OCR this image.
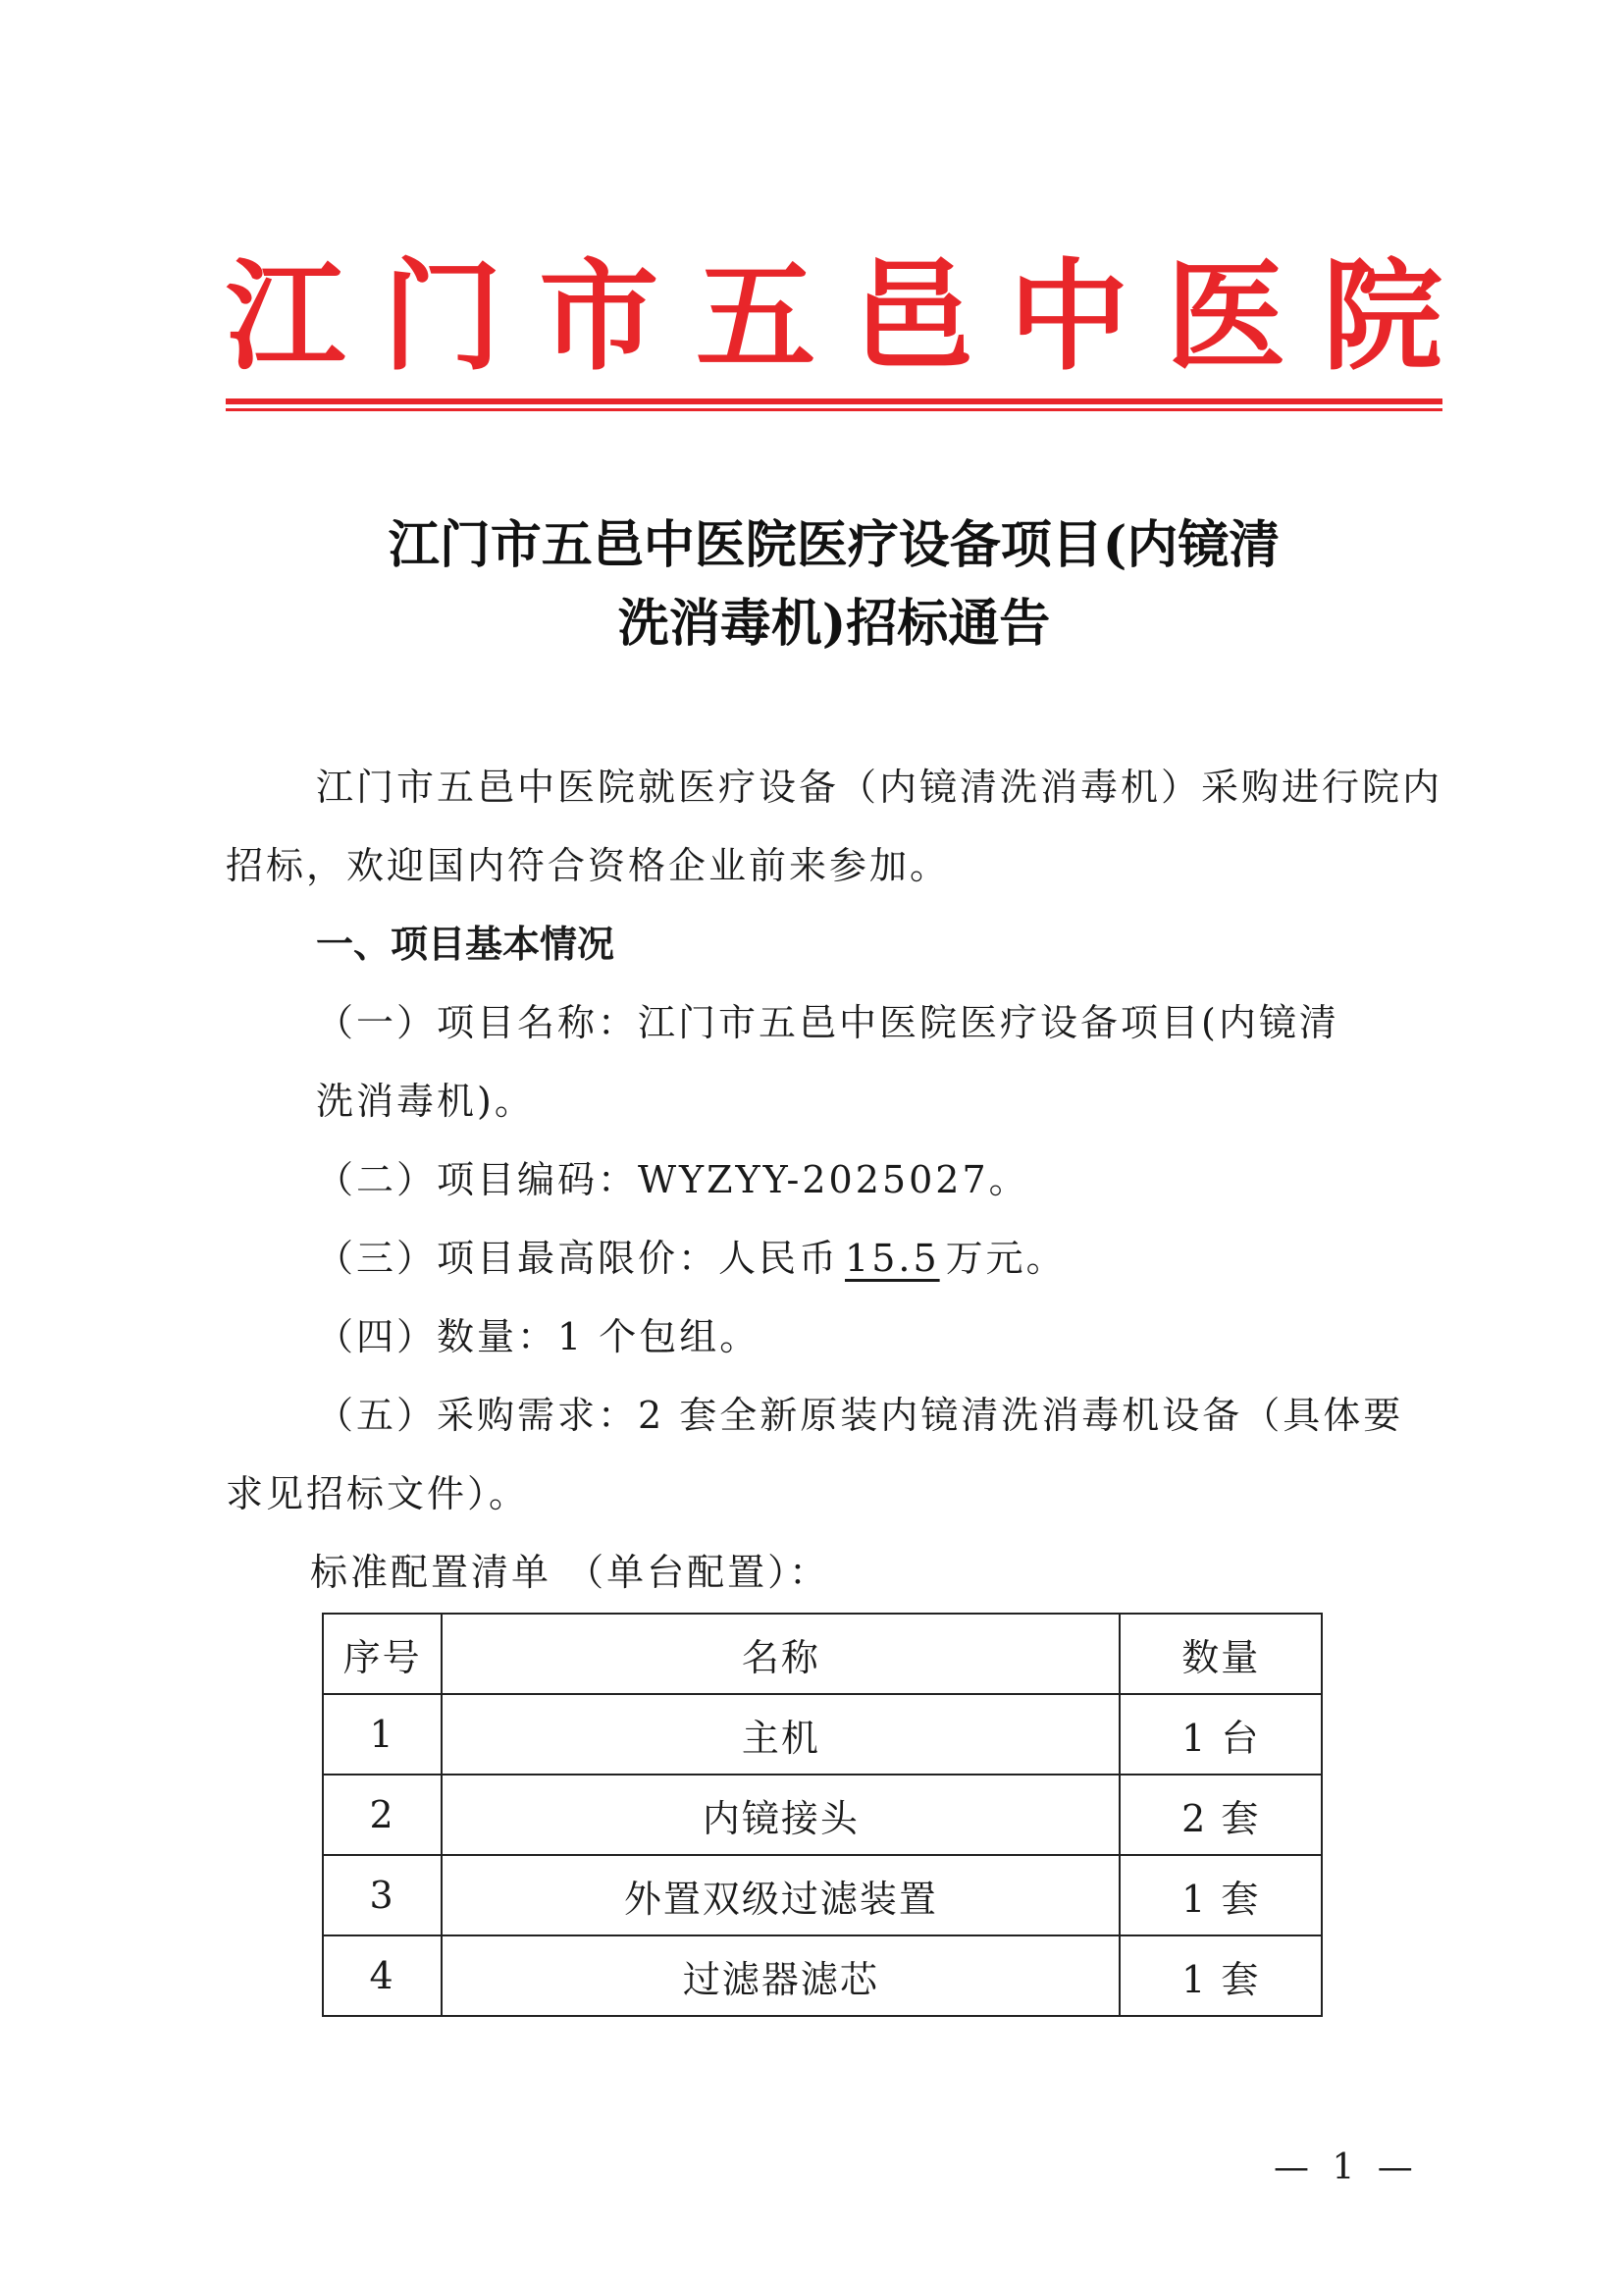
江 门 市 五 邑 中 医 院
江门市五邑中医院医疗设备项目(内镜清
洗消毒机)招标通告
江门市五邑中医院就医疗设备（内镜清洗消毒机）采购进行院内招标，欢迎国内符合资格企业前来参加。
一、项目基本情况
（一）项目名称：江门市五邑中医院医疗设备项目(内镜清
洗消毒机)。
（二）项目编码：WYZYY-2025027。
（三）项目最高限价：人民币 15.5 万元。
（四）数量：1 个包组。
（五）采购需求：2 套全新原装内镜清洗消毒机设备（具体要求见招标文件）。
标准配置清单 （单台配置）：
序号	名称	数量
1	主机	1 台
2	内镜接头	2 套
3	外置双级过滤装置	1 套
4	过滤器滤芯	1 套
— 1 —
